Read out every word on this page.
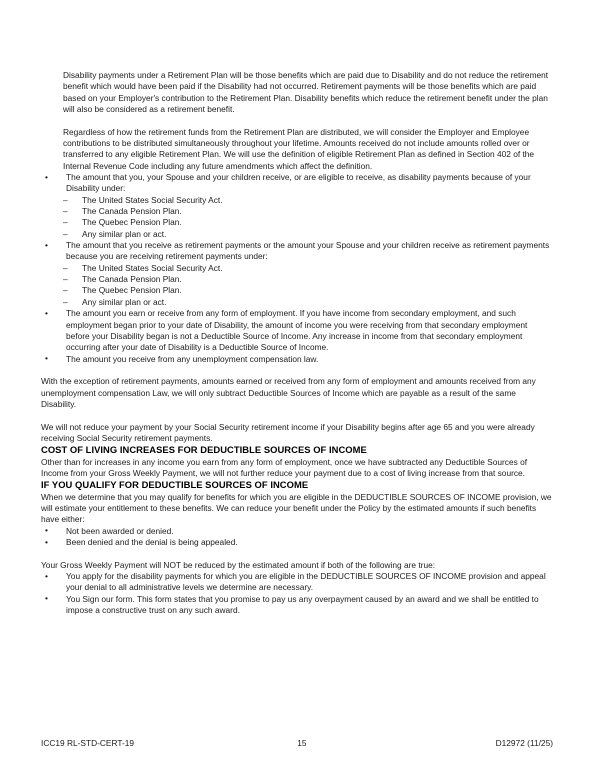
Disability payments under a Retirement Plan will be those benefits which are paid due to Disability and do not reduce the retirement benefit which would have been paid if the Disability had not occurred. Retirement payments will be those benefits which are paid based on your Employer's contribution to the Retirement Plan. Disability benefits which reduce the retirement benefit under the plan will also be considered as a retirement benefit.

Regardless of how the retirement funds from the Retirement Plan are distributed, we will consider the Employer and Employee contributions to be distributed simultaneously throughout your lifetime. Amounts received do not include amounts rolled over or transferred to any eligible Retirement Plan. We will use the definition of eligible Retirement Plan as defined in Section 402 of the Internal Revenue Code including any future amendments which affect the definition.

• The amount that you, your Spouse and your children receive, or are eligible to receive, as disability payments because of your Disability under:
– The United States Social Security Act.
– The Canada Pension Plan.
– The Quebec Pension Plan.
– Any similar plan or act.
• The amount that you receive as retirement payments or the amount your Spouse and your children receive as retirement payments because you are receiving retirement payments under:
– The United States Social Security Act.
– The Canada Pension Plan.
– The Quebec Pension Plan.
– Any similar plan or act.
• The amount you earn or receive from any form of employment. If you have income from secondary employment, and such employment began prior to your date of Disability, the amount of income you were receiving from that secondary employment before your Disability began is not a Deductible Source of Income. Any increase in income from that secondary employment occurring after your date of Disability is a Deductible Source of Income.
• The amount you receive from any unemployment compensation law.

With the exception of retirement payments, amounts earned or received from any form of employment and amounts received from any unemployment compensation Law, we will only subtract Deductible Sources of Income which are payable as a result of the same Disability.

We will not reduce your payment by your Social Security retirement income if your Disability begins after age 65 and you were already receiving Social Security retirement payments.

COST OF LIVING INCREASES FOR DEDUCTIBLE SOURCES OF INCOME

Other than for increases in any income you earn from any form of employment, once we have subtracted any Deductible Sources of Income from your Gross Weekly Payment, we will not further reduce your payment due to a cost of living increase from that source.

IF YOU QUALIFY FOR DEDUCTIBLE SOURCES OF INCOME

When we determine that you may qualify for benefits for which you are eligible in the DEDUCTIBLE SOURCES OF INCOME provision, we will estimate your entitlement to these benefits. We can reduce your benefit under the Policy by the estimated amounts if such benefits have either:

• Not been awarded or denied.
• Been denied and the denial is being appealed.

Your Gross Weekly Payment will NOT be reduced by the estimated amount if both of the following are true:

• You apply for the disability payments for which you are eligible in the DEDUCTIBLE SOURCES OF INCOME provision and appeal your denial to all administrative levels we determine are necessary.
• You Sign our form. This form states that you promise to pay us any overpayment caused by an award and we shall be entitled to impose a constructive trust on any such award.
ICC19 RL-STD-CERT-19	15	D12972 (11/25)
